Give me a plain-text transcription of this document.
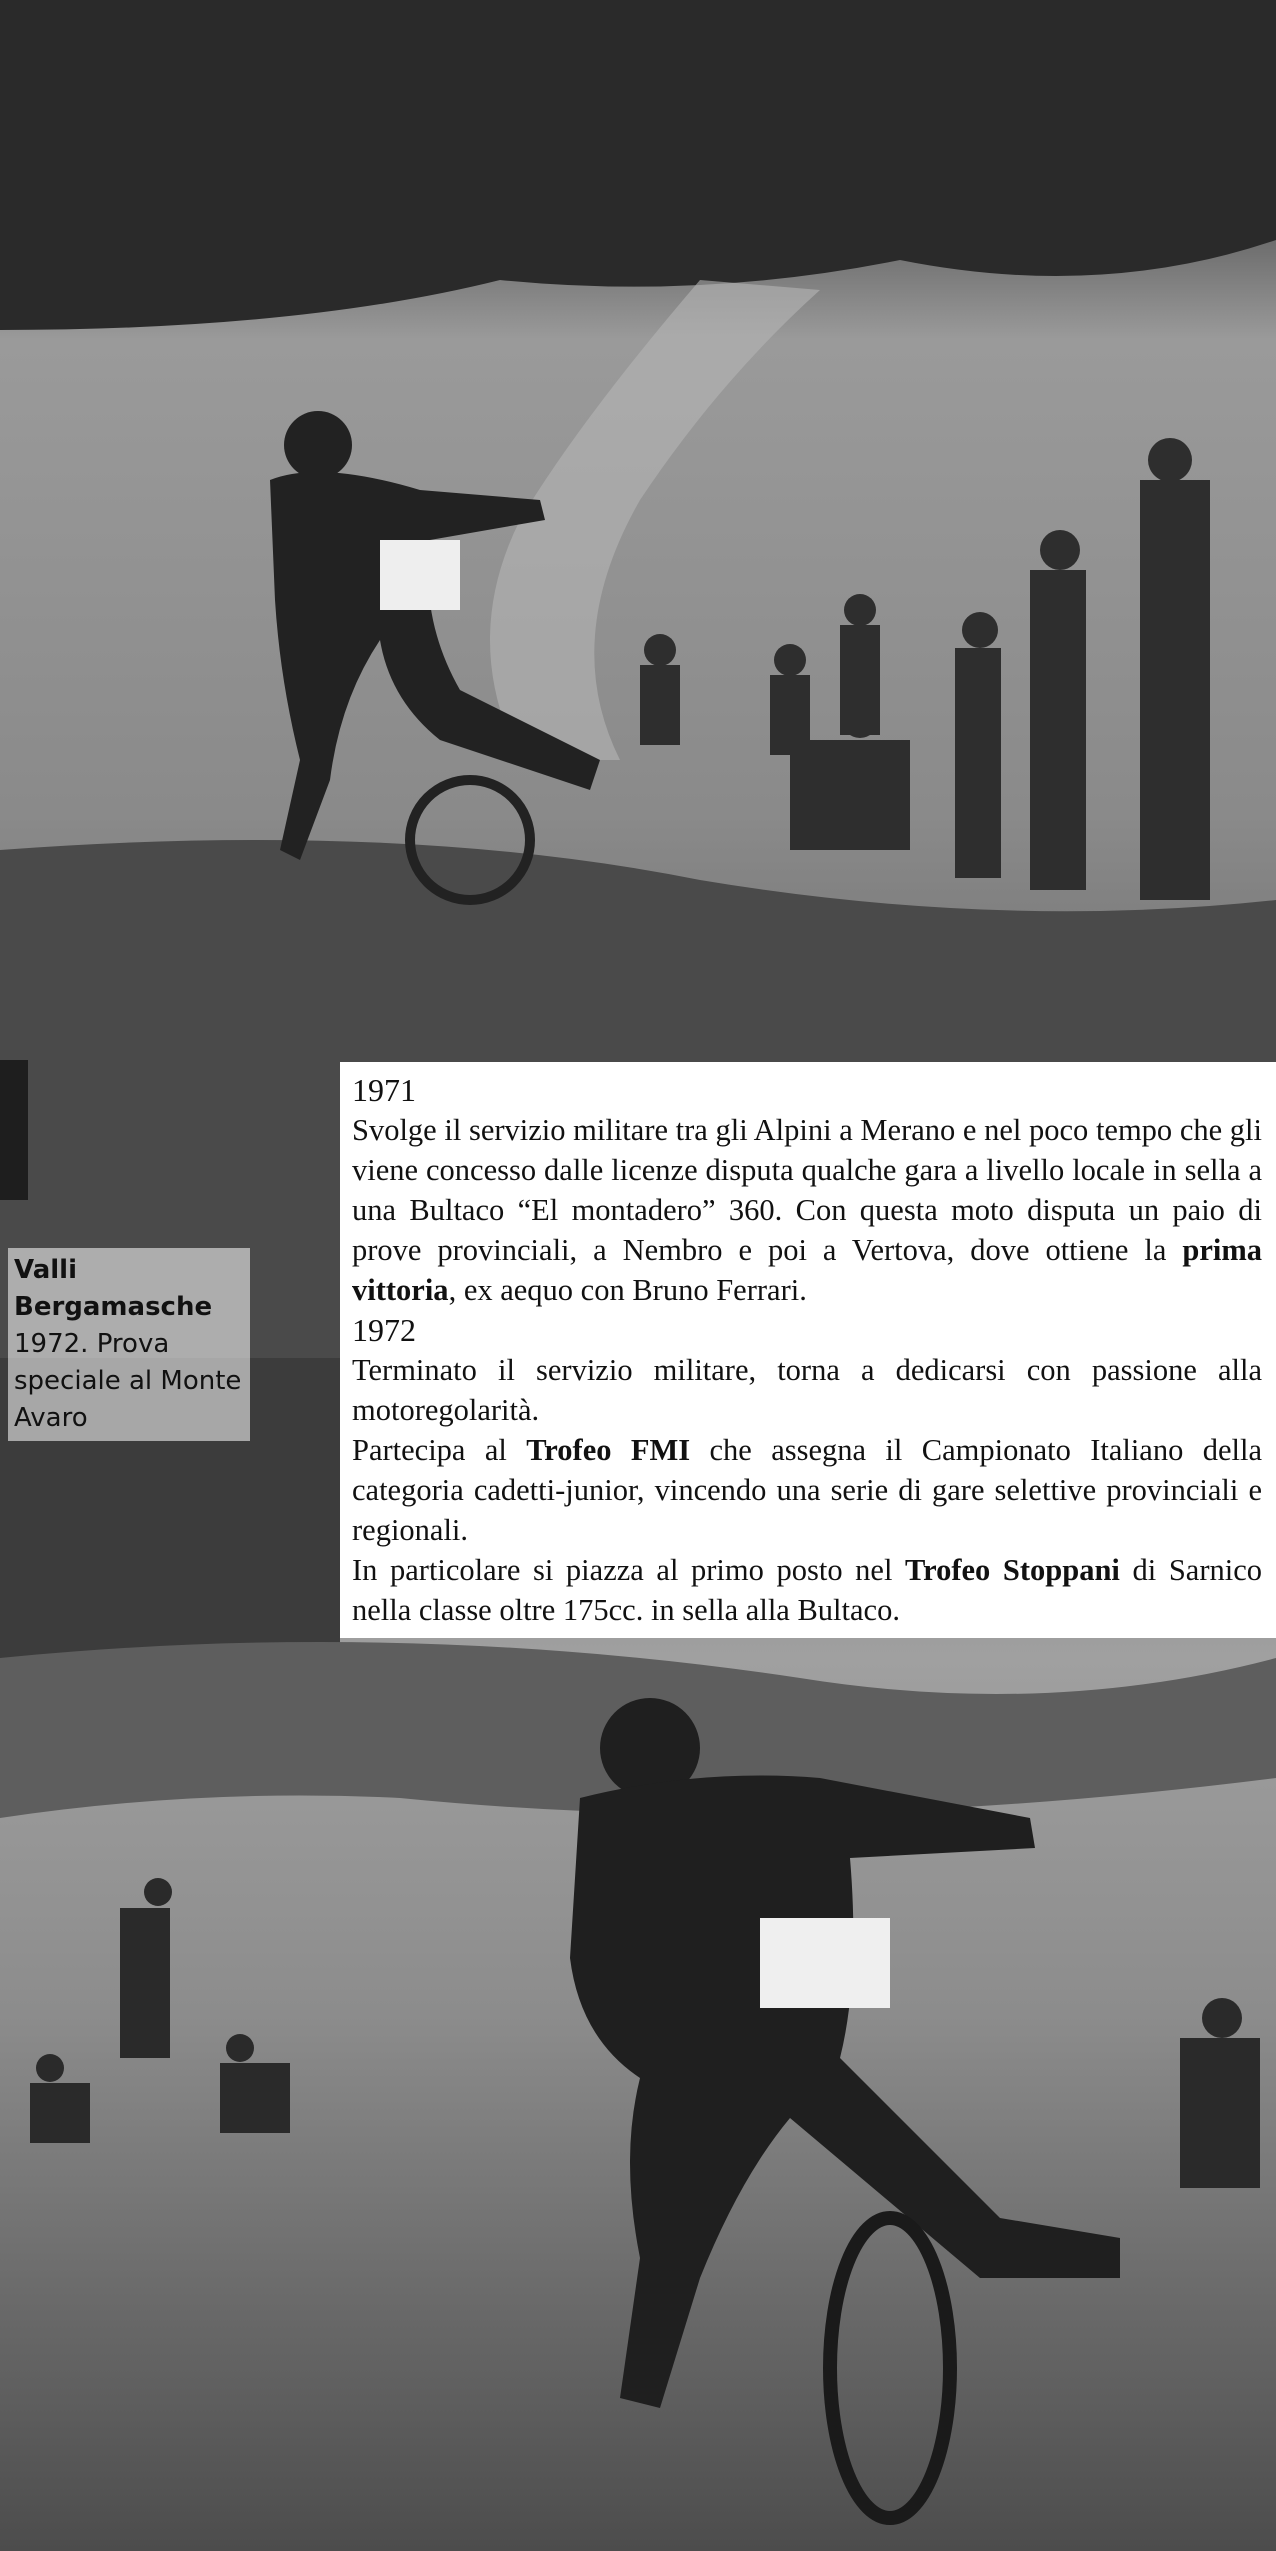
Valli Bergamasche
1972. Prova speciale al Monte Avaro
1971

Svolge il servizio militare tra gli Alpini a Merano e nel poco tempo che gli viene concesso dalle licenze disputa qualche gara a livello locale in sella a una Bultaco “El montadero” 360. Con questa moto disputa un paio di prove provinciali, a Nembro e poi a Vertova, dove ottiene la prima vittoria, ex aequo con Bruno Ferrari.

1972

Terminato il servizio militare, torna a dedicarsi con passione alla motoregolarità.

Partecipa al Trofeo FMI che assegna il Campionato Italiano della categoria cadetti-junior, vincendo una serie di gare selettive provinciali e regionali.

In particolare si piazza al primo posto nel Trofeo Stoppani di Sarnico nella classe oltre 175cc. in sella alla Bultaco.
